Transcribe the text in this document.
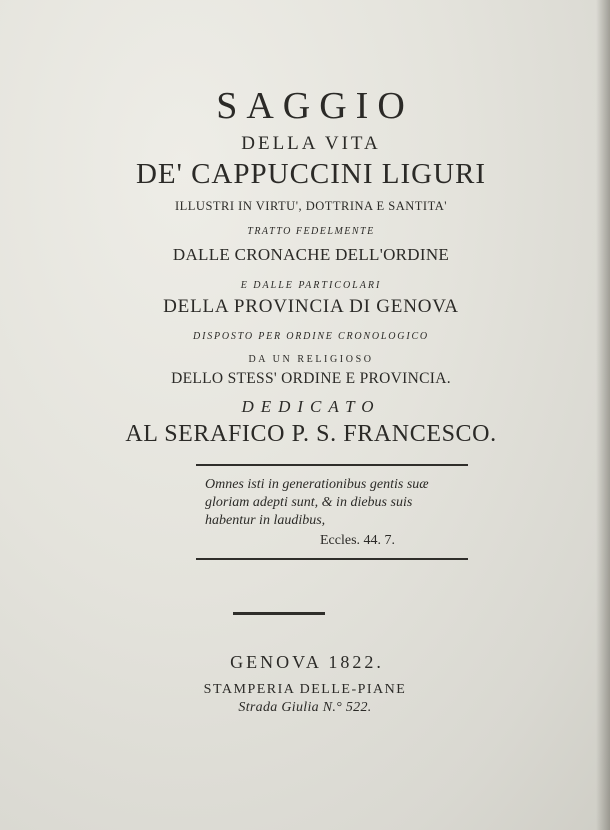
SAGGIO
DELLA VITA
DE' CAPPUCCINI LIGURI
ILLUSTRI IN VIRTU', DOTTRINA E SANTITA'
TRATTO FEDELMENTE
DALLE CRONACHE DELL'ORDINE
E DALLE PARTICOLARI
DELLA PROVINCIA DI GENOVA
DISPOSTO PER ORDINE CRONOLOGICO
DA UN RELIGIOSO
DELLO STESS' ORDINE E PROVINCIA.
DEDICATO
AL SERAFICO P. S. FRANCESCO.
Omnes isti in generationibus gentis suæ
gloriam adepti sunt, & in diebus suis
habentur in laudibus,
Eccles. 44. 7.
GENOVA 1822.
STAMPERIA DELLE-PIANE
Strada Giulia N.° 522.
